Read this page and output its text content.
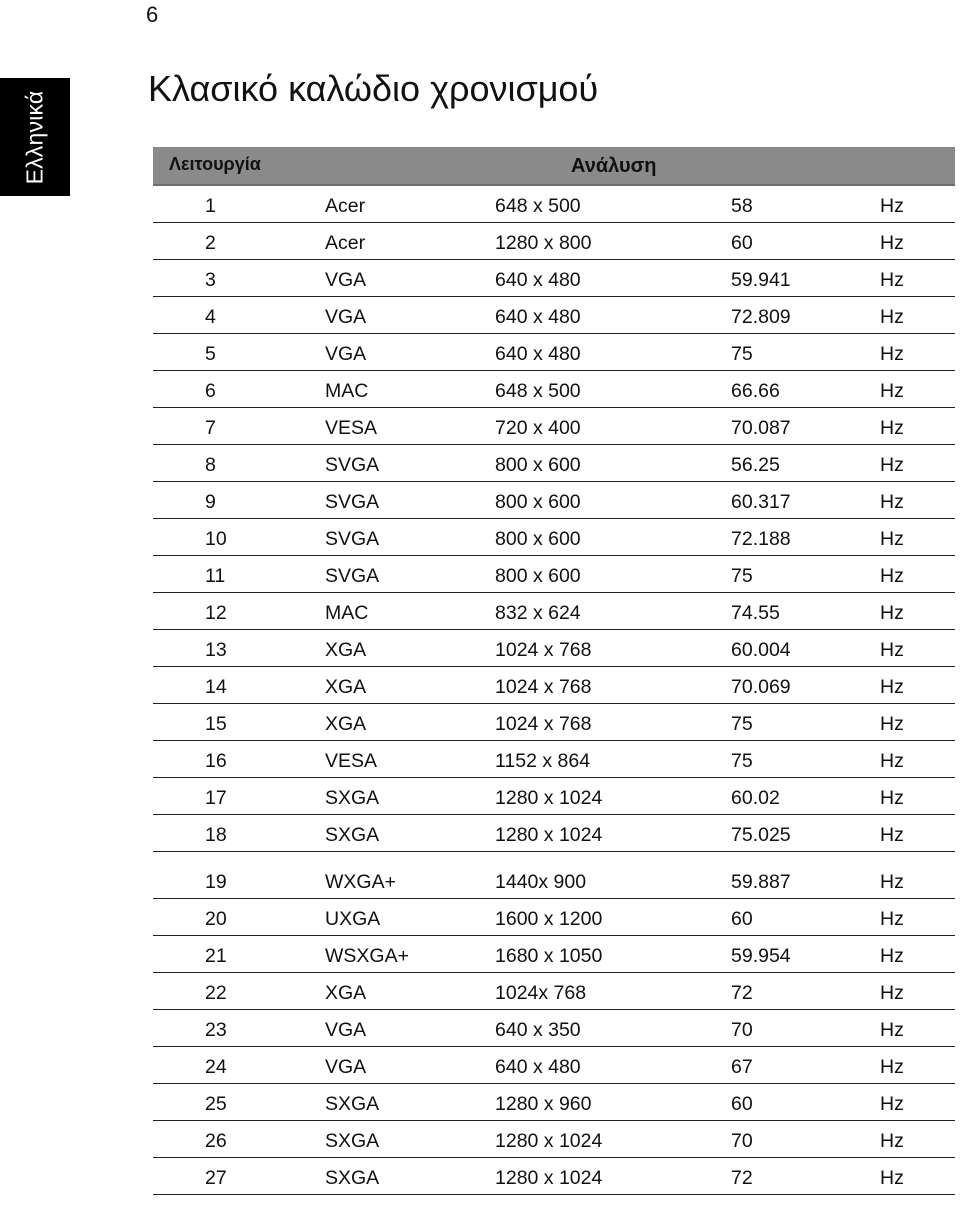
6
Ελληνικά
Κλασικό καλώδιο χρονισμού
Λειτουργία	Ανάλυση
1	Acer	648 x 500	58	Hz
2	Acer	1280 x 800	60	Hz
3	VGA	640 x 480	59.941	Hz
4	VGA	640 x 480	72.809	Hz
5	VGA	640 x 480	75	Hz
6	MAC	648 x 500	66.66	Hz
7	VESA	720 x 400	70.087	Hz
8	SVGA	800 x 600	56.25	Hz
9	SVGA	800 x 600	60.317	Hz
10	SVGA	800 x 600	72.188	Hz
11	SVGA	800 x 600	75	Hz
12	MAC	832 x 624	74.55	Hz
13	XGA	1024 x 768	60.004	Hz
14	XGA	1024 x 768	70.069	Hz
15	XGA	1024 x 768	75	Hz
16	VESA	1152 x 864	75	Hz
17	SXGA	1280 x 1024	60.02	Hz
18	SXGA	1280 x 1024	75.025	Hz
19	WXGA+	1440x 900	59.887	Hz
20	UXGA	1600 x 1200	60	Hz
21	WSXGA+	1680 x 1050	59.954	Hz
22	XGA	1024x 768	72	Hz
23	VGA	640 x 350	70	Hz
24	VGA	640 x 480	67	Hz
25	SXGA	1280 x 960	60	Hz
26	SXGA	1280 x 1024	70	Hz
27	SXGA	1280 x 1024	72	Hz
